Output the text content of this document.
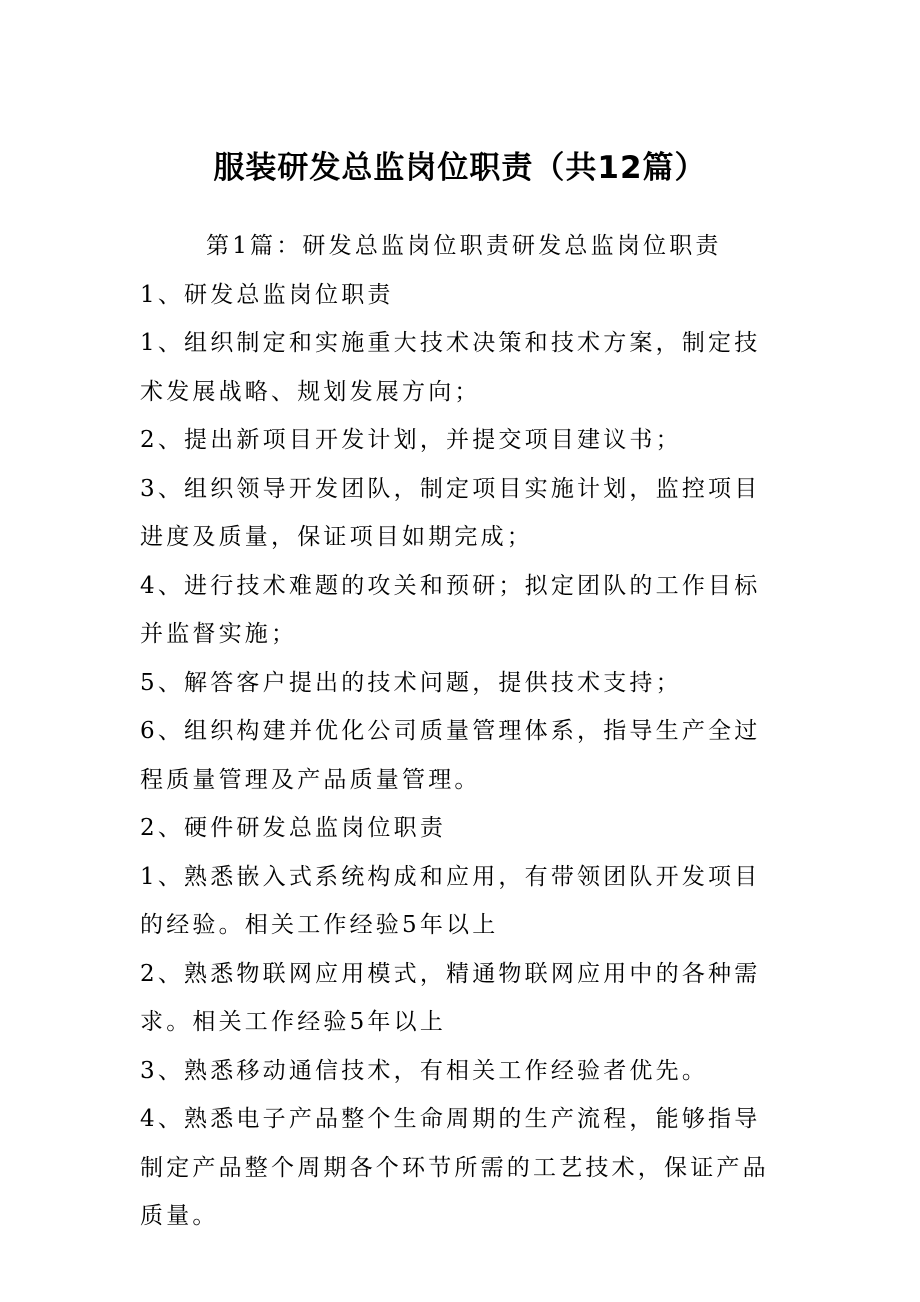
服装研发总监岗位职责（共12篇）

第1篇：研发总监岗位职责研发总监岗位职责

1、研发总监岗位职责

1、组织制定和实施重大技术决策和技术方案，制定技术发展战略、规划发展方向；

2、提出新项目开发计划，并提交项目建议书；

3、组织领导开发团队，制定项目实施计划，监控项目进度及质量，保证项目如期完成；

4、进行技术难题的攻关和预研；拟定团队的工作目标并监督实施；

5、解答客户提出的技术问题，提供技术支持；

6、组织构建并优化公司质量管理体系，指导生产全过程质量管理及产品质量管理。

2、硬件研发总监岗位职责

1、熟悉嵌入式系统构成和应用，有带领团队开发项目的经验。相关工作经验5年以上

2、熟悉物联网应用模式，精通物联网应用中的各种需求。相关工作经验5年以上

3、熟悉移动通信技术，有相关工作经验者优先。

4、熟悉电子产品整个生命周期的生产流程，能够指导制定产品整个周期各个环节所需的工艺技术，保证产品质量。
